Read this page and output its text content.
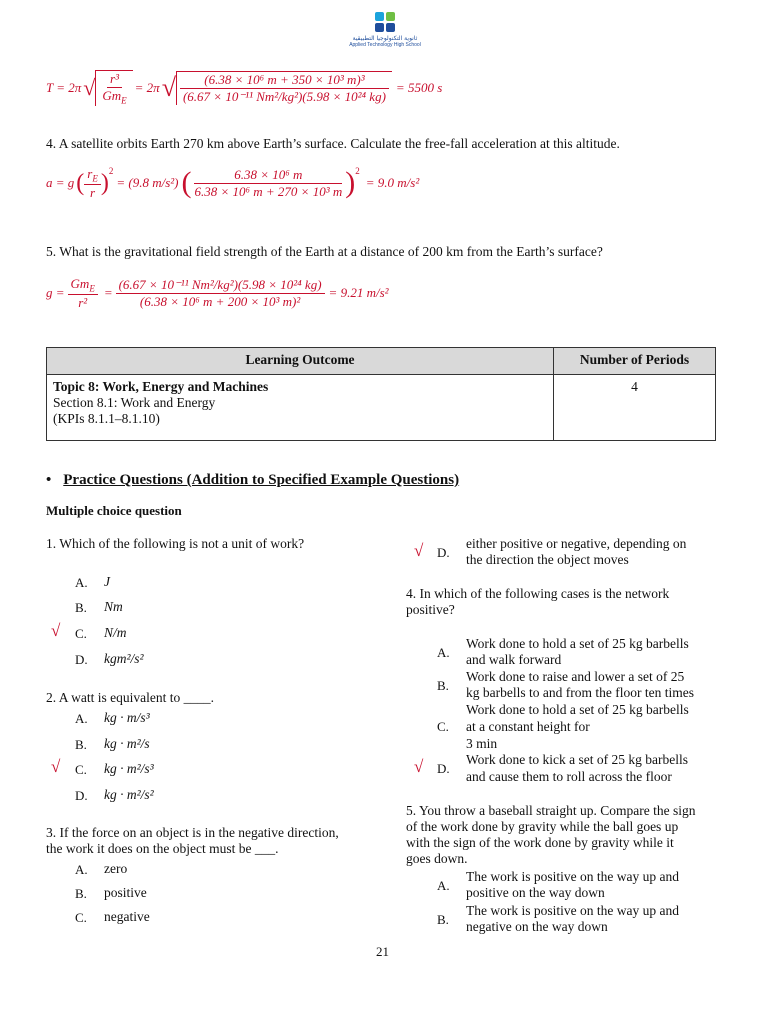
ثانوية التكنولوجيا التطبيقية
Applied Technology High School
T = 2π √ $\frac{\text{r³}}{Gm_E} = 2\pi$ √ $\frac{\text{(6.38 × 10⁶ m + 350 × 10³ m)³}}{\text{(6.67 × 10⁻¹¹ Nm²/kg²)(5.98 × 10²⁴ kg)}} = 5500$ s
4. A satellite orbits Earth 270 km above Earth’s surface. Calculate the free-fall acceleration at this altitude.
a = g ( $\frac{r_E}{r} )^2$
= (9.8 m/s²) ( $\frac{\text{6.38 × 10⁶ m}}{\text{6.38 × 10⁶ m + 270 × 10³ m}} )^2$
= 9.0 m/s²
5. What is the gravitational field strength of the Earth at a distance of 200 km from the Earth’s surface?
$g = \frac{Gm_E}{\text{r²}} = \frac{\text{(6.67 × 10⁻¹¹ Nm²/kg²)(5.98 × 10²⁴ kg)}}{\text{(6.38 × 10⁶ m + 200 × 10³ m)²}} = 9.21$ m/s²
Learning Outcome	Number of Periods

Topic 8: Work, Energy and Machines
Section 8.1: Work and Energy
(KPIs 8.1.1–8.1.10)	4
• Practice Questions (Addition to Specified Example Questions)
Multiple choice question
1. Which of the following is not a unit of work?
A. J
B. Nm
√ C. N/m
D. kgm²/s²
2. A watt is equivalent to ____.
A. kg · m/s³
B. kg · m²/s
√ C. kg · m²/s³
D. kg · m²/s²
3. If the force on an object is in the negative direction,
the work it does on the object must be ___.
A. zero
B. positive
C. negative
√ D.
either positive or negative, depending on
the direction the object moves
4. In which of the following cases is the network
positive?
A.
Work done to hold a set of 25 kg barbells
and walk forward
B.
Work done to raise and lower a set of 25
kg barbells to and from the floor ten times
C.
Work done to hold a set of 25 kg barbells
at a constant height for
3 min
√ D.
Work done to kick a set of 25 kg barbells
and cause them to roll across the floor
5. You throw a baseball straight up. Compare the sign
of the work done by gravity while the ball goes up
with the sign of the work done by gravity while it
goes down.
A.
The work is positive on the way up and
positive on the way down
B.
The work is positive on the way up and
negative on the way down
21
